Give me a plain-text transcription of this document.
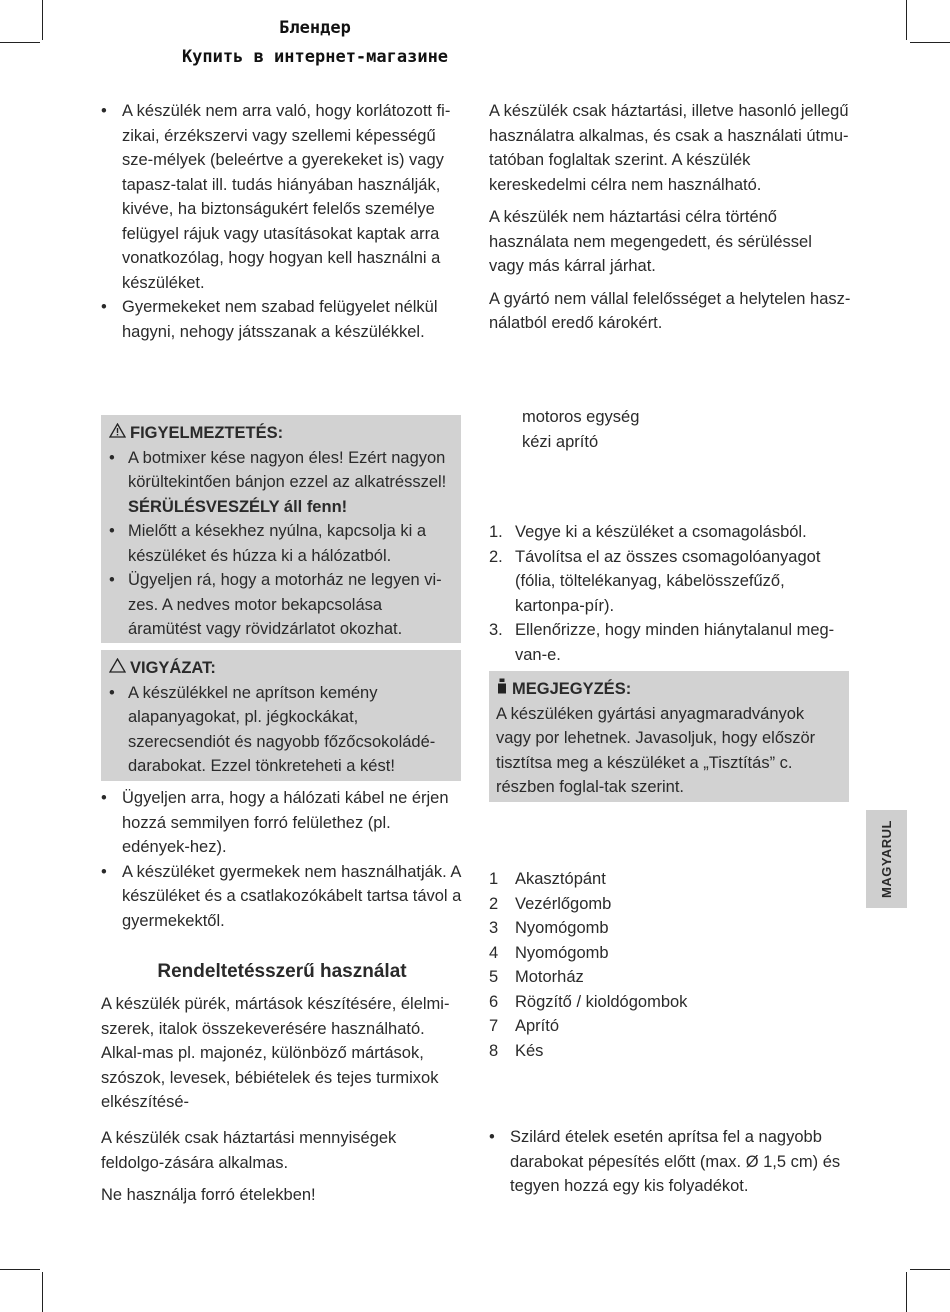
Блендер
Купить в интернет-магазине
• A készülék nem arra való, hogy korlátozott fi-zikai, érzékszervi vagy szellemi képességű sze-mélyek (beleértve a gyerekeket is) vagy tapasz-talat ill. tudás hiányában használják, kivéve, ha biztonságukért felelős személye felügyel rájuk vagy utasításokat kaptak arra vonatkozólag, hogy hogyan kell használni a készüléket.
• Gyermekeket nem szabad felügyelet nélkül hagyni, nehogy játsszanak a készülékkel.
FIGYELMEZTETÉS:
• A botmixer kése nagyon éles! Ezért nagyon körültekintően bánjon ezzel az alkatrésszel! SÉRÜLÉSVESZÉLY áll fenn!
• Mielőtt a késekhez nyúlna, kapcsolja ki a készüléket és húzza ki a hálózatból.
• Ügyeljen rá, hogy a motorház ne legyen vi-zes. A nedves motor bekapcsolása áramütést vagy rövidzárlatot okozhat.
VIGYÁZAT:
• A készülékkel ne aprítson kemény alapanyagokat, pl. jégkockákat, szerecsendiót és nagyobb főzőcsokoládé-darabokat. Ezzel tönkreteheti a kést!
• Ügyeljen arra, hogy a hálózati kábel ne érjen hozzá semmilyen forró felülethez (pl. edények-hez).
• A készüléket gyermekek nem használhatják. A készüléket és a csatlakozókábelt tartsa távol a gyermekektől.
Rendeltetésszerű használat
A készülék pürék, mártások készítésére, élelmi-szerek, italok összekeverésére használható. Alkal-mas pl. majonéz, különböző mártások, szószok, levesek, bébiételek és tejes turmixok elkészítésé-

A készülék csak háztartási mennyiségek feldolgo-zására alkalmas.

Ne használja forró ételekben!

A készülék csak háztartási, illetve hasonló jellegű használatra alkalmas, és csak a használati útmu-tatóban foglaltak szerint. A készülék kereskedelmi célra nem használható.

A készülék nem háztartási célra történő használata nem megengedett, és sérüléssel vagy más kárral járhat.

A gyártó nem vállal felelősséget a helytelen hasz-nálatból eredő károkért.

motoros egység
kézi aprító
1. Vegye ki a készüléket a csomagolásból.
2. Távolítsa el az összes csomagolóanyagot (fólia, töltelékanyag, kábelösszefűző, kartonpa-pír).
3. Ellenőrizze, hogy minden hiánytalanul meg-van-e.
MEGJEGYZÉS:
A készüléken gyártási anyagmaradványok vagy por lehetnek. Javasoljuk, hogy először tisztítsa meg a készüléket a „Tisztítás” c. részben foglal-tak szerint.
1 Akasztópánt
2 Vezérlőgomb
3 Nyomógomb
4 Nyomógomb
5 Motorház
6 Rögzítő / kioldógombok
7 Aprító
8 Kés
• Szilárd ételek esetén aprítsa fel a nagyobb darabokat pépesítés előtt (max. Ø 1,5 cm) és tegyen hozzá egy kis folyadékot.
MAGYARUL
